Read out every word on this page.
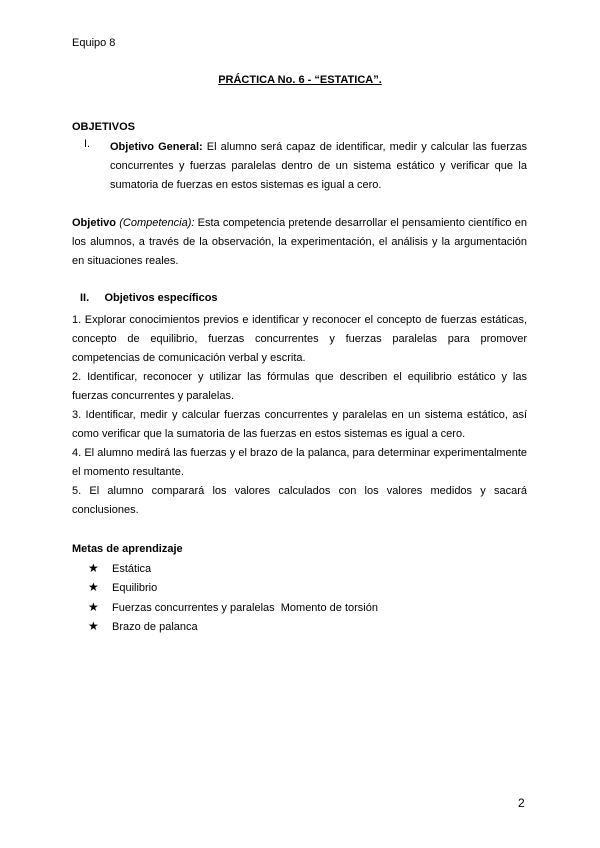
Equipo 8
PRÁCTICA No. 6 - “ESTATICA”.
OBJETIVOS
I. Objetivo General: El alumno será capaz de identificar, medir y calcular las fuerzas concurrentes y fuerzas paralelas dentro de un sistema estático y verificar que la sumatoria de fuerzas en estos sistemas es igual a cero.
Objetivo (Competencia): Esta competencia pretende desarrollar el pensamiento científico en los alumnos, a través de la observación, la experimentación, el análisis y la argumentación en situaciones reales.
II. Objetivos específicos

1. Explorar conocimientos previos e identificar y reconocer el concepto de fuerzas estáticas, concepto de equilibrio, fuerzas concurrentes y fuerzas paralelas para promover competencias de comunicación verbal y escrita.

2. Identificar, reconocer y utilizar las fórmulas que describen el equilibrio estático y las fuerzas concurrentes y paralelas.

3. Identificar, medir y calcular fuerzas concurrentes y paralelas en un sistema estático, así como verificar que la sumatoria de las fuerzas en estos sistemas es igual a cero.

4. El alumno medirá las fuerzas y el brazo de la palanca, para determinar experimentalmente el momento resultante.

5. El alumno comparará los valores calculados con los valores medidos y sacará conclusiones.

Metas de aprendizaje
★ Estática
★ Equilibrio
★ Fuerzas concurrentes y paralelas  Momento de torsión
★ Brazo de palanca
2
